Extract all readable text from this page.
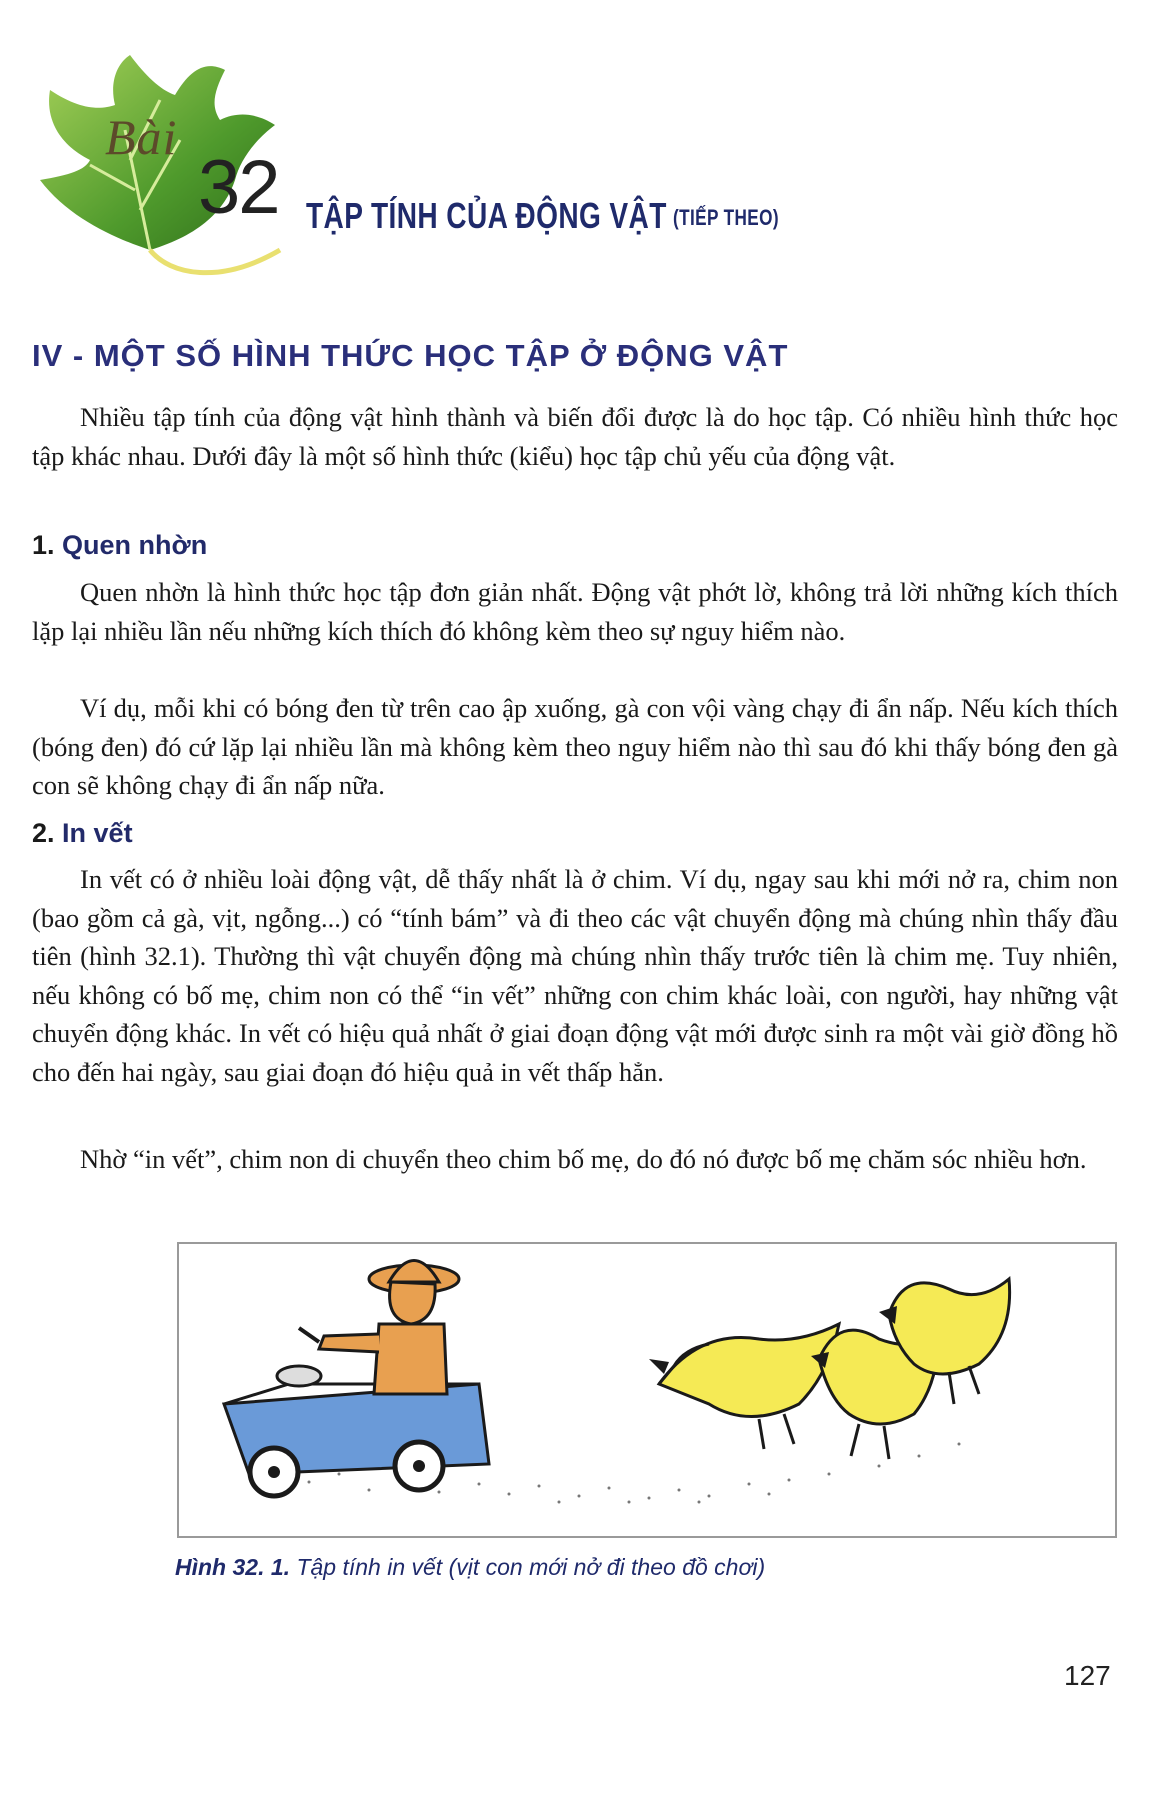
Bài
32 TẬP TÍNH CỦA ĐỘNG VẬT (TIẾP THEO)
IV - MỘT SỐ HÌNH THỨC HỌC TẬP Ở ĐỘNG VẬT

Nhiều tập tính của động vật hình thành và biến đổi được là do học tập. Có nhiều hình thức học tập khác nhau. Dưới đây là một số hình thức (kiểu) học tập chủ yếu của động vật.

1. Quen nhờn

Quen nhờn là hình thức học tập đơn giản nhất. Động vật phớt lờ, không trả lời những kích thích lặp lại nhiều lần nếu những kích thích đó không kèm theo sự nguy hiểm nào.

Ví dụ, mỗi khi có bóng đen từ trên cao ập xuống, gà con vội vàng chạy đi ẩn nấp. Nếu kích thích (bóng đen) đó cứ lặp lại nhiều lần mà không kèm theo nguy hiểm nào thì sau đó khi thấy bóng đen gà con sẽ không chạy đi ẩn nấp nữa.

2. In vết

In vết có ở nhiều loài động vật, dễ thấy nhất là ở chim. Ví dụ, ngay sau khi mới nở ra, chim non (bao gồm cả gà, vịt, ngỗng...) có “tính bám” và đi theo các vật chuyển động mà chúng nhìn thấy đầu tiên (hình 32.1). Thường thì vật chuyển động mà chúng nhìn thấy trước tiên là chim mẹ. Tuy nhiên, nếu không có bố mẹ, chim non có thể “in vết” những con chim khác loài, con người, hay những vật chuyển động khác. In vết có hiệu quả nhất ở giai đoạn động vật mới được sinh ra một vài giờ đồng hồ cho đến hai ngày, sau giai đoạn đó hiệu quả in vết thấp hẳn.

Nhờ “in vết”, chim non di chuyển theo chim bố mẹ, do đó nó được bố mẹ chăm sóc nhiều hơn.

Hình 32. 1. Tập tính in vết (vịt con mới nở đi theo đồ chơi)
127
